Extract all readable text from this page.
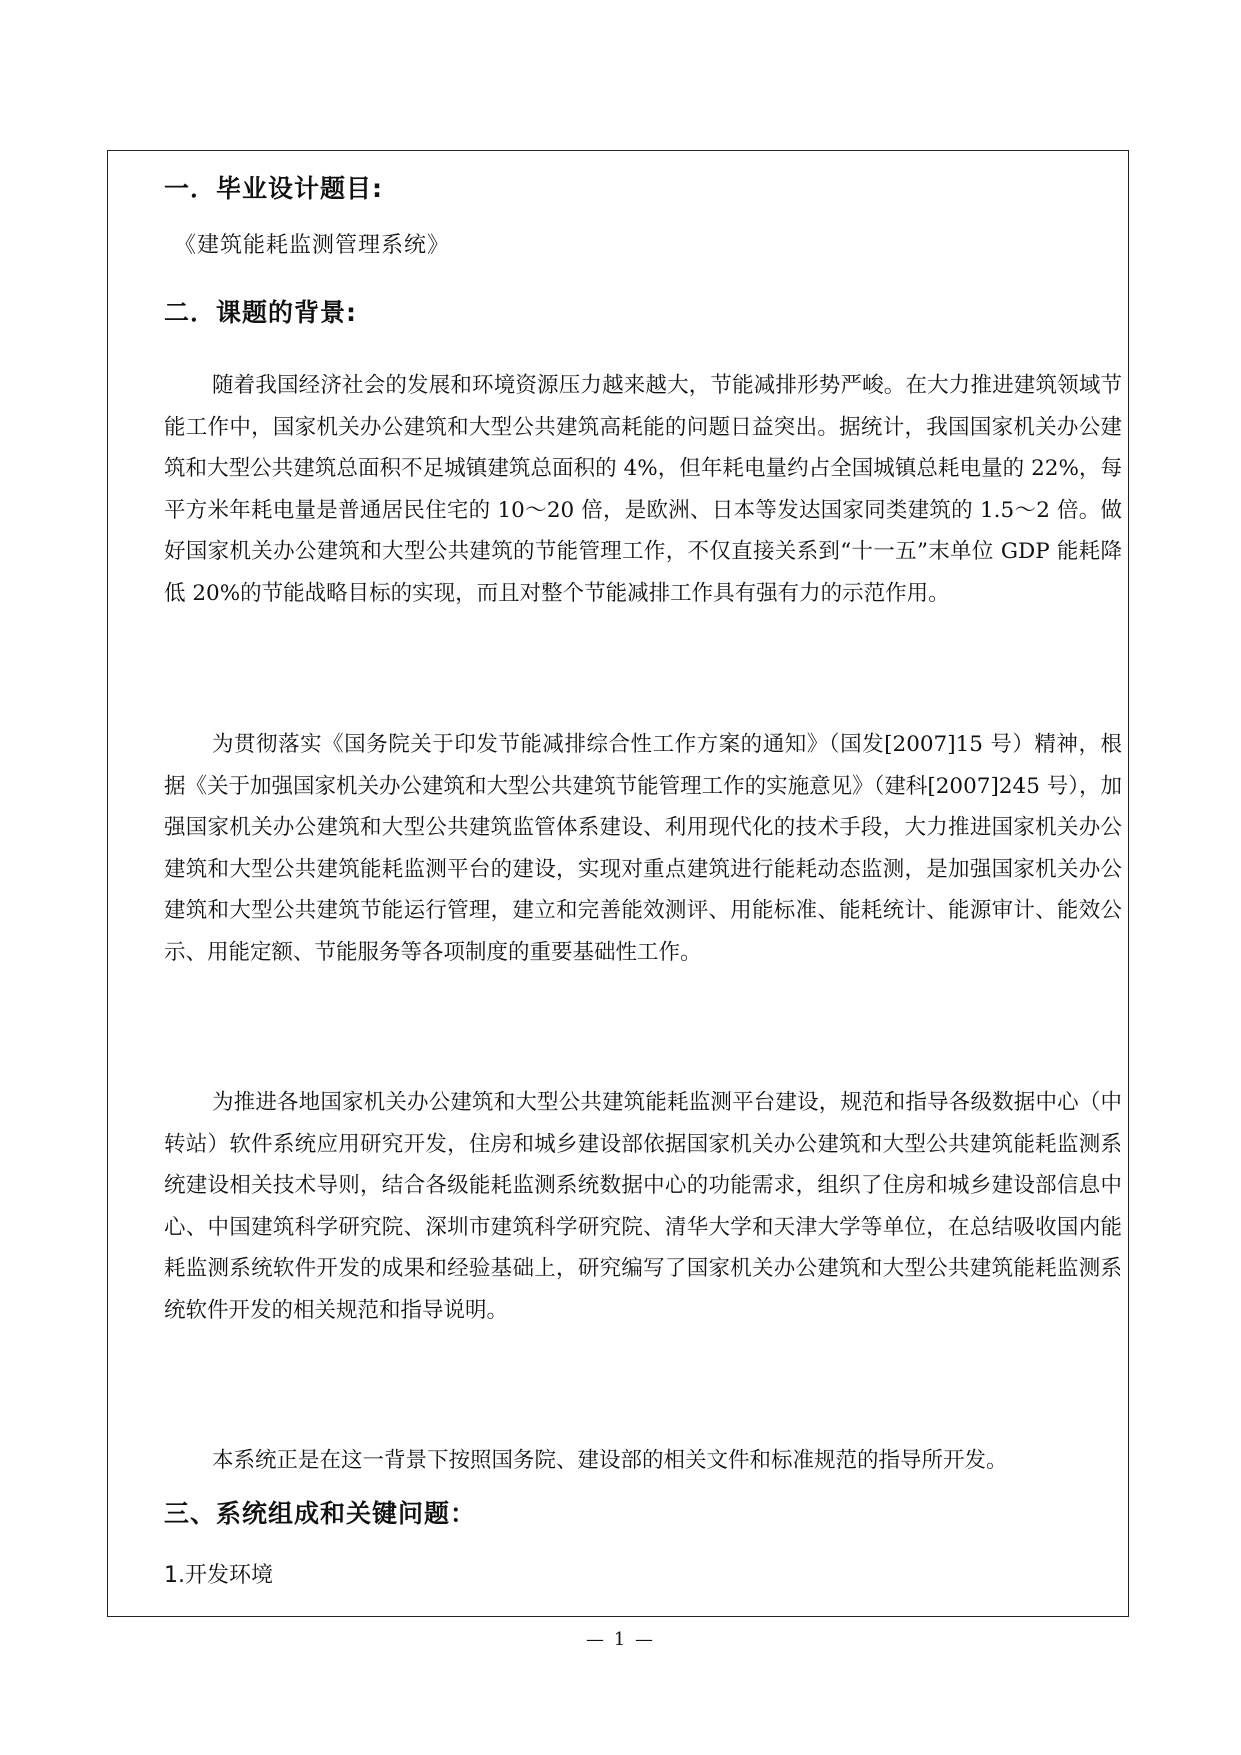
一．毕业设计题目:
《建筑能耗监测管理系统》
二．课题的背景:

随着我国经济社会的发展和环境资源压力越来越大，节能减排形势严峻。在大力推进建筑领域节能工作中，国家机关办公建筑和大型公共建筑高耗能的问题日益突出。据统计，我国国家机关办公建筑和大型公共建筑总面积不足城镇建筑总面积的 4%，但年耗电量约占全国城镇总耗电量的 22%，每平方米年耗电量是普通居民住宅的 10～20 倍，是欧洲、日本等发达国家同类建筑的 1.5～2 倍。做好国家机关办公建筑和大型公共建筑的节能管理工作，不仅直接关系到“十一五”末单位 GDP 能耗降低 20%的节能战略目标的实现，而且对整个节能减排工作具有强有力的示范作用。

为贯彻落实《国务院关于印发节能减排综合性工作方案的通知》（国发[2007]15 号）精神，根据《关于加强国家机关办公建筑和大型公共建筑节能管理工作的实施意见》（建科[2007]245 号），加强国家机关办公建筑和大型公共建筑监管体系建设、利用现代化的技术手段，大力推进国家机关办公建筑和大型公共建筑能耗监测平台的建设，实现对重点建筑进行能耗动态监测，是加强国家机关办公建筑和大型公共建筑节能运行管理，建立和完善能效测评、用能标准、能耗统计、能源审计、能效公示、用能定额、节能服务等各项制度的重要基础性工作。

为推进各地国家机关办公建筑和大型公共建筑能耗监测平台建设，规范和指导各级数据中心（中转站）软件系统应用研究开发，住房和城乡建设部依据国家机关办公建筑和大型公共建筑能耗监测系统建设相关技术导则，结合各级能耗监测系统数据中心的功能需求，组织了住房和城乡建设部信息中心、中国建筑科学研究院、深圳市建筑科学研究院、清华大学和天津大学等单位，在总结吸收国内能耗监测系统软件开发的成果和经验基础上，研究编写了国家机关办公建筑和大型公共建筑能耗监测系统软件开发的相关规范和指导说明。

本系统正是在这一背景下按照国务院、建设部的相关文件和标准规范的指导所开发。

三、系统组成和关键问题：
1.开发环境
— 1 —
